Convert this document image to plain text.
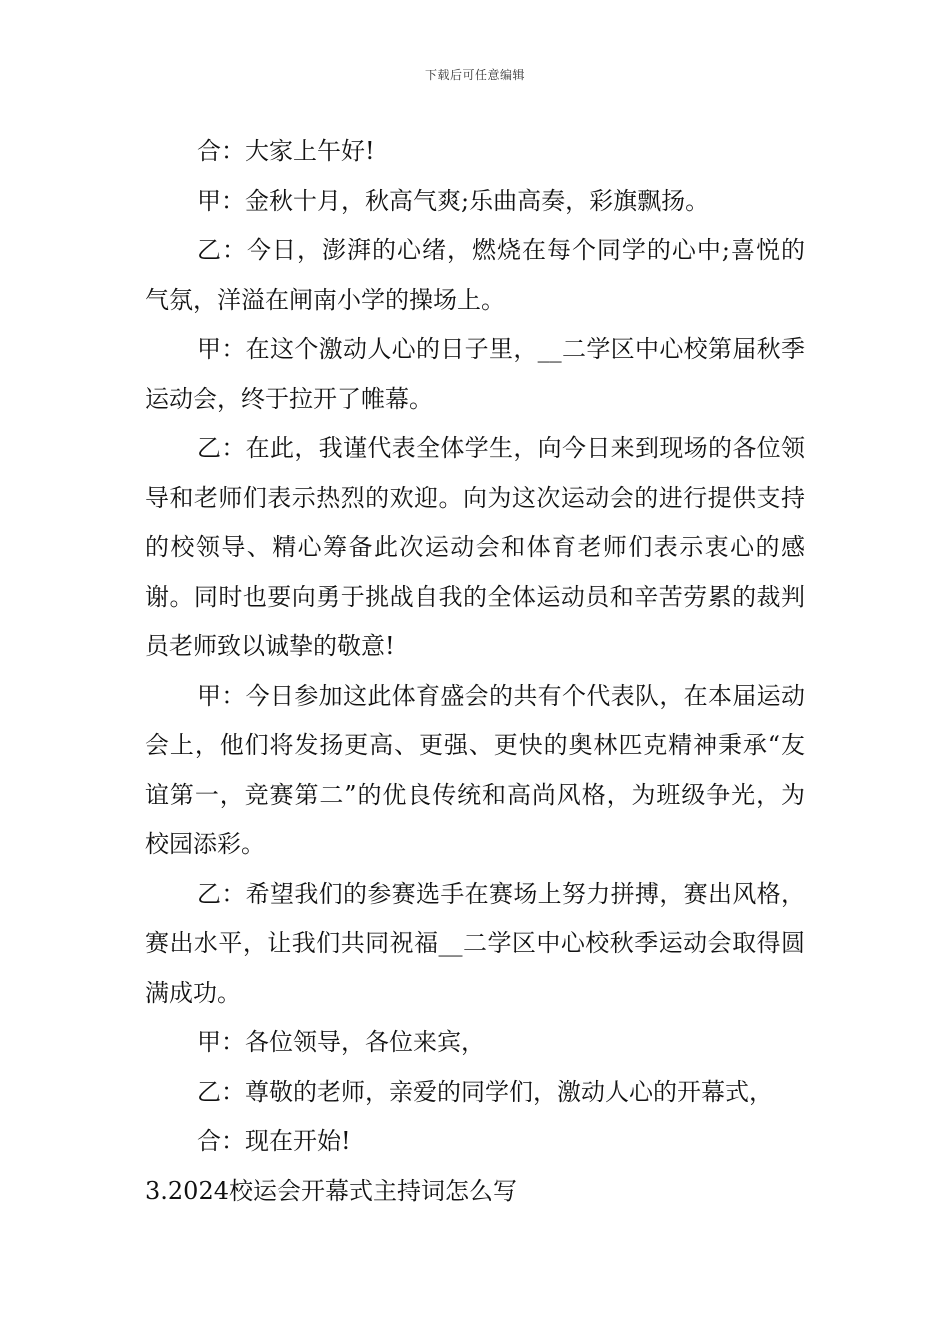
下载后可任意编辑

合：大家上午好!

甲：金秋十月，秋高气爽;乐曲高奏，彩旗飘扬。

乙：今日，澎湃的心绪，燃烧在每个同学的心中;喜悦的气氛，洋溢在闸南小学的操场上。

甲：在这个激动人心的日子里，__二学区中心校第届秋季运动会，终于拉开了帷幕。

乙：在此，我谨代表全体学生，向今日来到现场的各位领导和老师们表示热烈的欢迎。向为这次运动会的进行提供支持的校领导、精心筹备此次运动会和体育老师们表示衷心的感谢。同时也要向勇于挑战自我的全体运动员和辛苦劳累的裁判员老师致以诚挚的敬意!

甲：今日参加这此体育盛会的共有个代表队，在本届运动会上，他们将发扬更高、更强、更快的奥林匹克精神秉承“友谊第一，竞赛第二”的优良传统和高尚风格，为班级争光，为校园添彩。

乙：希望我们的参赛选手在赛场上努力拼搏，赛出风格，赛出水平，让我们共同祝福__二学区中心校秋季运动会取得圆满成功。

甲：各位领导，各位来宾，

乙：尊敬的老师，亲爱的同学们，激动人心的开幕式，

合：现在开始!

3.2024校运会开幕式主持词怎么写
